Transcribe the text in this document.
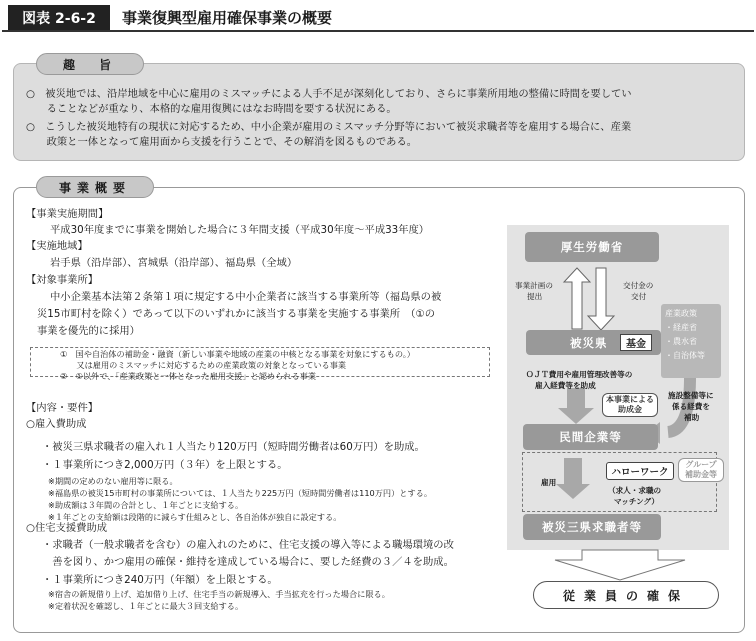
図表 2-6-2	事業復興型雇用確保事業の概要
趣　旨
○　被災地では、沿岸地域を中心に雇用のミスマッチによる人手不足が深刻化しており、さらに事業所用地の整備に時間を要してい
　　ることなどが重なり、本格的な雇用復興にはなお時間を要する状況にある。
○　こうした被災地特有の現状に対応するため、中小企業が雇用のミスマッチ分野等において被災求職者等を雇用する場合に、産業
　　政策と一体となって雇用面から支援を行うことで、その解消を図るものである。
事業概要
【事業実施期間】
平成30年度までに事業を開始した場合に３年間支援（平成30年度〜平成33年度）
【実施地域】
岩手県（沿岸部）、宮城県（沿岸部）、福島県（全域）
【対象事業所】
中小企業基本法第２条第１項に規定する中小企業者に該当する事業所等（福島県の被
災15市町村を除く）であって以下のいずれかに該当する事業を実施する事業所　（①の
事業を優先的に採用）
①　国や自治体の補助金・融資（新しい事業や地域の産業の中核となる事業を対象にするもの。）
　　又は雇用のミスマッチに対応するための産業政策の対象となっている事業
②　①以外で、「産業政策と一体となった雇用支援」と認められる事業
【内容・要件】
○雇入費助成
・被災三県求職者の雇入れ１人当たり120万円（短時間労働者は60万円）を助成。
・１事業所につき2,000万円（３年）を上限とする。
※期間の定めのない雇用等に限る。
※福島県の被災15市町村の事業所については、１人当たり225万円（短時間労働者は110万円）とする。
※助成額は３年間の合計とし、１年ごとに支給する。
※１年ごとの支給額は段階的に減らす仕組みとし、各自治体が独自に設定する。
○住宅支援費助成
・求職者（一般求職者を含む）の雇入れのために、住宅支援の導入等による職場環境の改
　善を図り、かつ雇用の確保・維持を達成している場合に、要した経費の３／４を助成。
・１事業所につき240万円（年額）を上限とする。
※宿舎の新規借り上げ、追加借り上げ、住宅手当の新規導入、手当拡充を行った場合に限る。
※定着状況を確認し、１年ごとに最大３回支給する。
厚生労働省
事業計画の
提出
交付金の
交付
被災県	基金
産業政策
・経産省
・農水省
・自治体等
ＯＪＴ費用や雇用管理改善等の
雇入経費等を助成
本事業による
助成金
施設整備等に
係る経費を
補助
民間企業等
雇用
ハローワーク
（求人・求職の
マッチング）
グループ
補助金等
被災三県求職者等
従業員の確保
